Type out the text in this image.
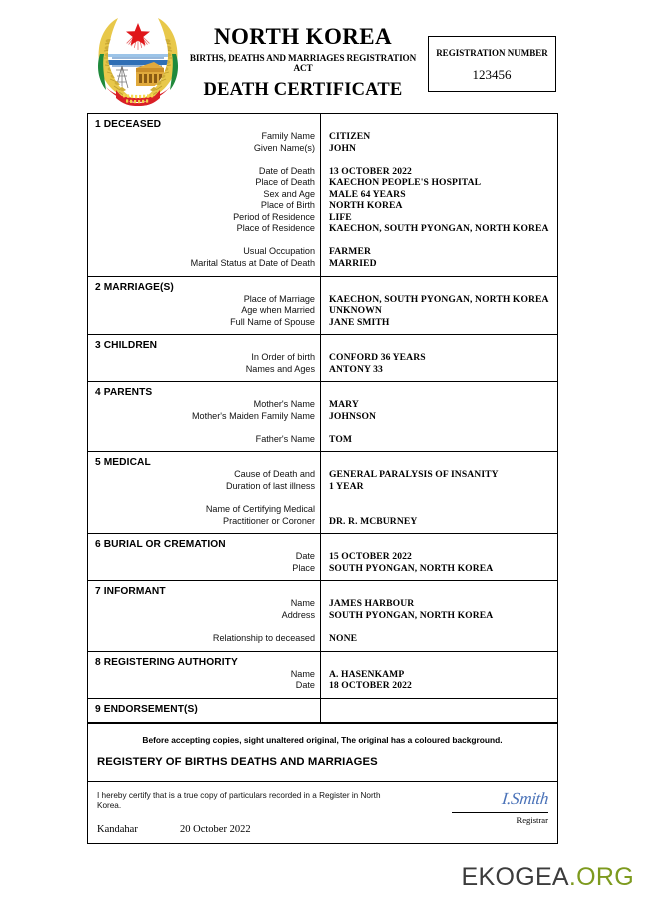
NORTH KOREA
BIRTHS, DEATHS AND MARRIAGES REGISTRATION ACT
DEATH CERTIFICATE
REGISTRATION NUMBER
123456
1 DECEASED
Family Name
Given Name(s)
Date of Death
Place of Death
Sex and Age
Place of Birth
Period of Residence
Place of Residence
Usual Occupation
Marital Status at Date of Death
CITIZEN
JOHN
13 OCTOBER 2022
KAECHON PEOPLE'S HOSPITAL
MALE 64 YEARS
NORTH KOREA
LIFE
KAECHON, SOUTH PYONGAN, NORTH KOREA
FARMER
MARRIED
2 MARRIAGE(S)
Place of Marriage
Age when Married
Full Name of Spouse
KAECHON, SOUTH PYONGAN, NORTH KOREA
UNKNOWN
JANE SMITH
3 CHILDREN
In Order of birth
Names and Ages
CONFORD 36 YEARS
ANTONY 33
4 PARENTS
Mother's Name
Mother's Maiden Family Name
Father's Name
MARY
JOHNSON
TOM
5 MEDICAL
Cause of Death and
Duration of last illness
Name of Certifying Medical
Practitioner or Coroner
GENERAL PARALYSIS OF INSANITY
1 YEAR
DR. R. MCBURNEY
6 BURIAL OR CREMATION
Date
Place
15 OCTOBER 2022
SOUTH PYONGAN, NORTH KOREA
7 INFORMANT
Name
Address
Relationship to deceased
JAMES HARBOUR
SOUTH PYONGAN, NORTH KOREA
NONE
8 REGISTERING AUTHORITY
Name
Date
A. HASENKAMP
18 OCTOBER 2022
9 ENDORSEMENT(S)
Before accepting copies, sight unaltered original, The original has a coloured background.
REGISTERY OF BIRTHS DEATHS AND MARRIAGES
I hereby certify that is a true copy of particulars recorded in a Register in North Korea.
Kandahar	20 October 2022
I.Smith
Registrar
EKOGEA.ORG
